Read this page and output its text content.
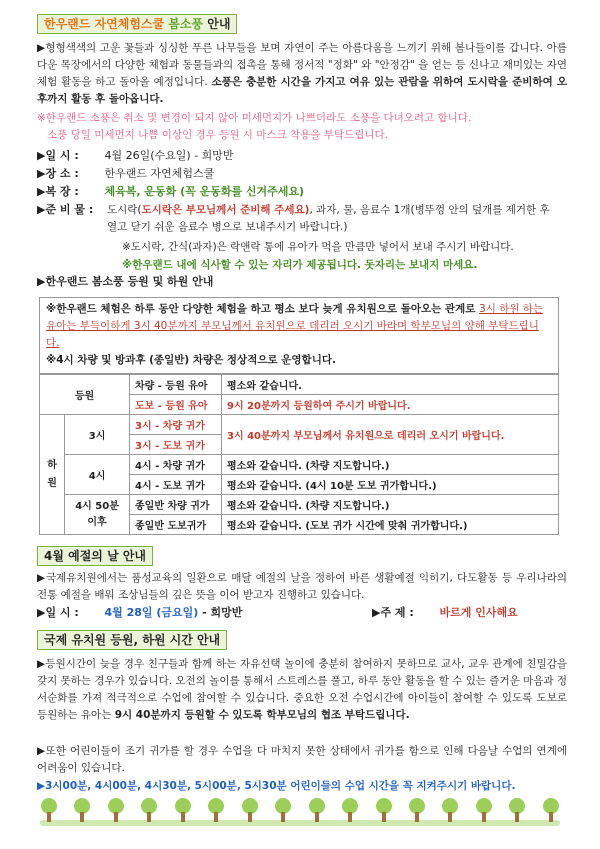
한우랜드 자연체험스쿨 봄소풍 안내
▶형형색색의 고운 꽃들과 싱싱한 푸른 나무들을 보며 자연이 주는 아름다움을 느끼기 위해 봄나들이를 갑니다. 아름다운 목장에서의 다양한 체험과 동물들과의 접촉을 통해 정서적 "정화" 와 "안정감" 을 얻는 등 신나고 재미있는 자연 체험 활동을 하고 돌아올 예정입니다. 소풍은 충분한 시간을 가지고 여유 있는 관람을 위하여 도시락을 준비하여 오후까지 활동 후 돌아옵니다.
※한우랜드 소풍은 취소 및 변경이 되지 않아 미세먼지가 나쁘더라도 소풍을 다녀오려고 합니다.
소풍 당일 미세먼지 나쁨 이상인 경우 등원 시 마스크 착용을 부탁드립니다.
▶일 시 : 4월 26일(수요일) - 희망반
▶장 소 : 한우랜드 자연체험스쿨
▶복 장 : 체육복, 운동화 (꼭 운동화를 신겨주세요)
▶준 비 물 :	도시락(도시락은 부모님께서 준비해 주세요), 과자, 물, 음료수 1개(병뚜껑 안의 덮개를 제거한 후 열고 닫기 쉬운 음료수 병으로 보내주시기 바랍니다.)
※도시락, 간식(과자)은 락앤락 통에 유아가 먹을 만큼만 넣어서 보내 주시기 바랍니다.
※한우랜드 내에 식사할 수 있는 자리가 제공됩니다. 돗자리는 보내지 마세요.
▶한우랜드 봄소풍 등원 및 하원 안내
※한우랜드 체험은 하루 동안 다양한 체험을 하고 평소 보다 늦게 유치원으로 돌아오는 관계로 3시 하원 하는 유아는 부득이하게 3시 40분까지 부모님께서 유치원으로 데리러 오시기 바라며 학부모님의 양해 부탁드립니다.
※4시 차량 및 방과후 (종일반) 차량은 정상적으로 운영합니다.
등원		차량 - 등원 유아	평소와 같습니다.
		도보 - 등원 유아	9시 20분까지 등원하여 주시기 바랍니다.
하원	3시	3시 - 차량 귀가	3시 40분까지 부모님께서 유치원으로 데리러 오시기 바랍니다.
		3시 - 도보 귀가	
	4시	4시 - 차량 귀가	평소와 같습니다. (차량 지도합니다.)
		4시 - 도보 귀가	평소와 같습니다. (4시 10분 도보 귀가합니다.)
	4시 50분 이후	종일반 차량 귀가	평소와 같습니다. (차량 지도합니다.)
		종일반 도보귀가	평소와 같습니다. (도보 귀가 시간에 맞춰 귀가합니다.)
4월 예절의 날 안내
▶국제유치원에서는 품성교육의 일환으로 매달 예절의 날을 정하여 바른 생활예절 익히기, 다도활동 등 우리나라의 전통 예절을 배워 조상님들의 깊은 뜻을 이어 받고자 진행하고 있습니다.
▶일 시 : 4월 28일 (금요일) - 희망반	▶주 제 : 바르게 인사해요
국제 유치원 등원, 하원 시간 안내
▶등원시간이 늦을 경우 친구들과 함께 하는 자유선택 놀이에 충분히 참여하지 못하므로 교사, 교우 관계에 친밀감을 갖지 못하는 경우가 있습니다. 오전의 놀이를 통해서 스트레스를 풀고, 하루 동안 활동을 할 수 있는 즐거운 마음과 정서순화를 가져 적극적으로 수업에 참여할 수 있습니다. 중요한 오전 수업시간에 아이들이 참여할 수 있도록 도보로 등원하는 유아는 9시 40분까지 등원할 수 있도록 학부모님의 협조 부탁드립니다.
▶또한 어린이들이 조기 귀가를 할 경우 수업을 다 마치지 못한 상태에서 귀가를 함으로 인해 다음날 수업의 연계에 어려움이 있습니다.
▶3시00분, 4시00분, 4시30분, 5시00분, 5시30분 어린이들의 수업 시간을 꼭 지켜주시기 바랍니다.
